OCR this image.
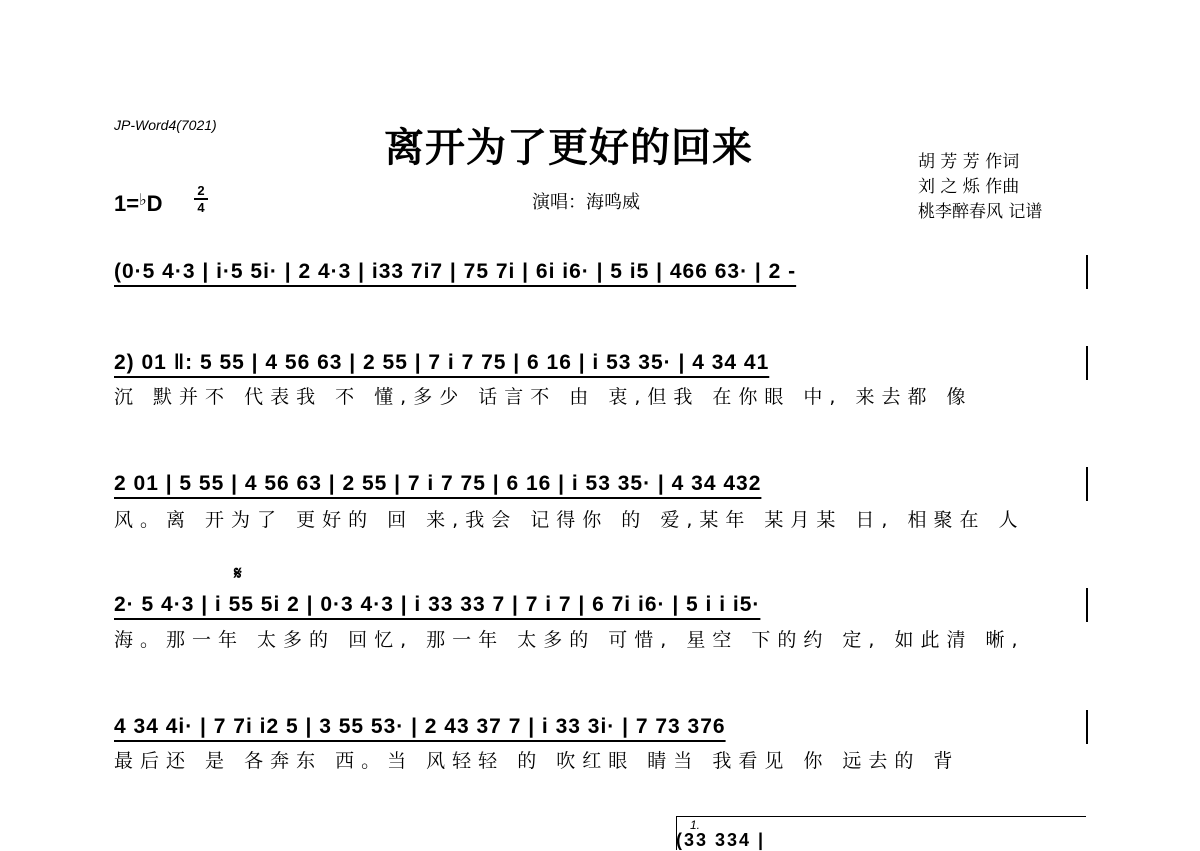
JP-Word4(7021)	离开为了更好的回来	胡 芳 芳 作词
刘 之 烁 作曲
桃李醉春风 记谱
演唱：海鸣威
1=♭D
2
4
(0·5 4·3 | i·5 5i· | 2 4·3 | i33 7i7 | 75 7i | 6i i6· | 5 i5 | 466 63· | 2 -
2) 01 ‖: 5 55 | 4 56 63 | 2 55 | 7 i 7 75 | 6 16 | i 53 35· | 4 34 41
沉 默并不 代表我 不 懂,多少 话言不 由 衷,但我 在你眼 中, 来去都 像
2 01 | 5 55 | 4 56 63 | 2 55 | 7 i 7 75 | 6 16 | i 53 35· | 4 34 432
风。离 开为了 更好的 回 来,我会 记得你 的 爱,某年 某月某 日, 相聚在 人
𝄋
2· 5 4·3 | i 55 5i 2 | 0·3 4·3 | i 33 33 7 | 7 i 7 | 6 7i i6· | 5 i i i5·
海。那一年 太多的 回忆, 那一年 太多的 可惜, 星空 下的约 定, 如此清 晰,
4 34 4i· | 7 7i i2 5 | 3 55 53· | 2 43 37 7 | i 33 3i· | 7 73 376
最后还 是 各奔东 西。当 风轻轻 的 吹红眼 睛当 我看见 你 远去的 背
1.
(33 334 |
